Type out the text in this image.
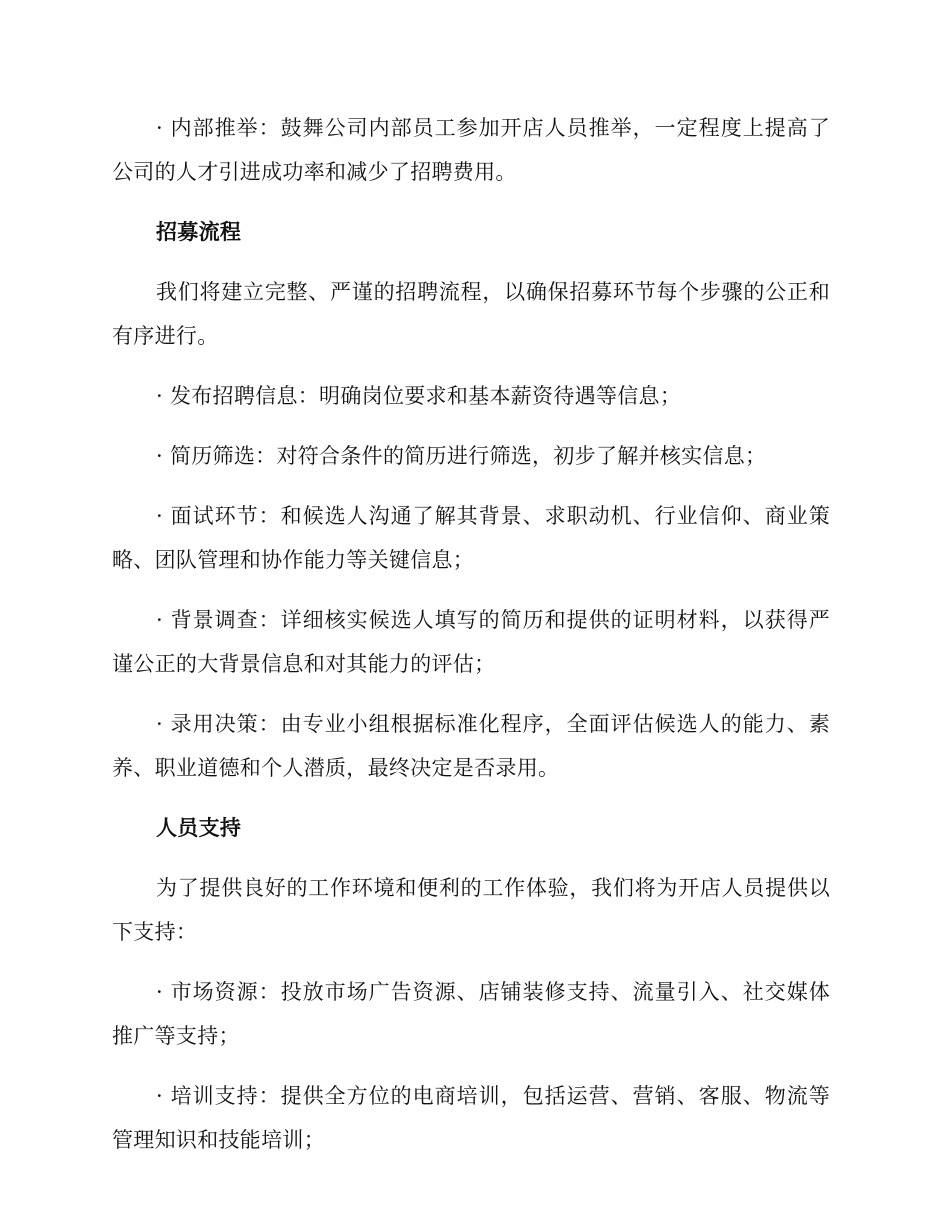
· 内部推举：鼓舞公司内部员工参加开店人员推举，一定程度上提高了公司的人才引进成功率和减少了招聘费用。

招募流程

我们将建立完整、严谨的招聘流程，以确保招募环节每个步骤的公正和有序进行。

· 发布招聘信息：明确岗位要求和基本薪资待遇等信息；

· 简历筛选：对符合条件的简历进行筛选，初步了解并核实信息；

· 面试环节：和候选人沟通了解其背景、求职动机、行业信仰、商业策略、团队管理和协作能力等关键信息；

· 背景调查：详细核实候选人填写的简历和提供的证明材料，以获得严谨公正的大背景信息和对其能力的评估；

· 录用决策：由专业小组根据标准化程序，全面评估候选人的能力、素养、职业道德和个人潜质，最终决定是否录用。

人员支持

为了提供良好的工作环境和便利的工作体验，我们将为开店人员提供以下支持：

· 市场资源：投放市场广告资源、店铺装修支持、流量引入、社交媒体推广等支持；

· 培训支持：提供全方位的电商培训，包括运营、营销、客服、物流等管理知识和技能培训；
